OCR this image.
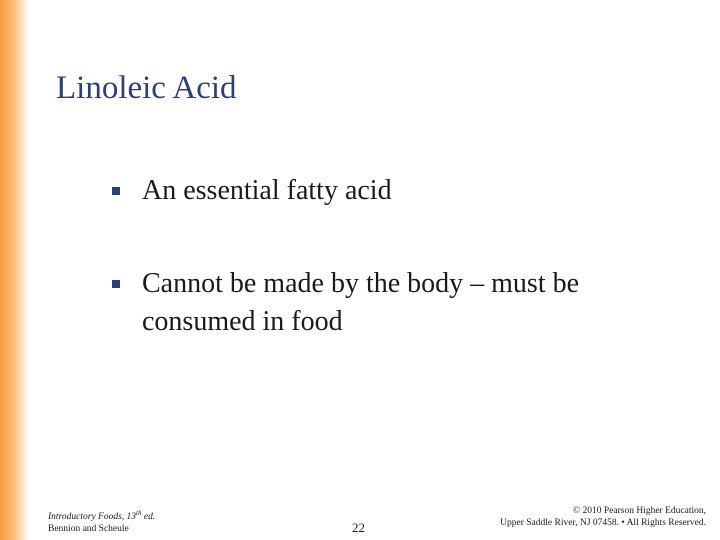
Linoleic Acid
An essential fatty acid
Cannot be made by the body – must be consumed in food
Introductory Foods, 13th ed.
Bennion and Scheule	22
© 2010 Pearson Higher Education,
Upper Saddle River, NJ 07458. • All Rights Reserved.
